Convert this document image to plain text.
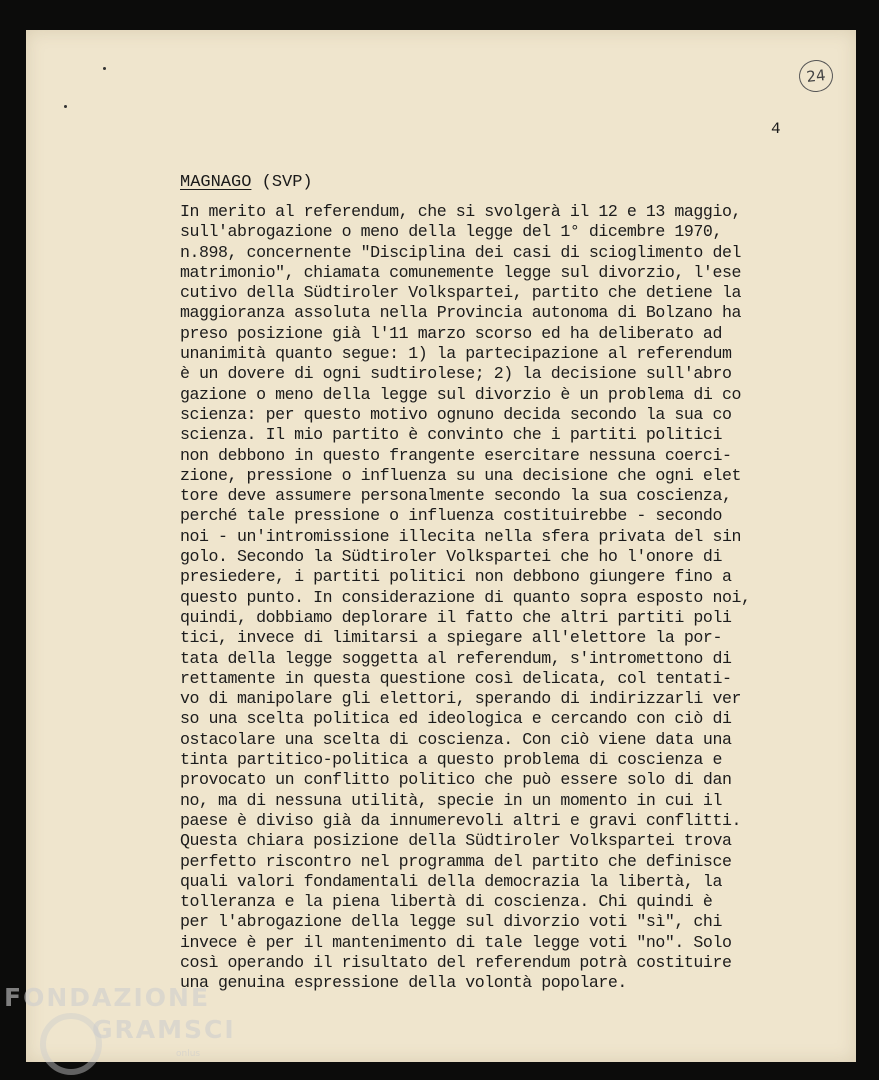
24
4
MAGNAGO (SVP)
In merito al referendum, che si svolgerà il 12 e 13 maggio,
sull'abrogazione o meno della legge del 1° dicembre 1970,
n.898, concernente "Disciplina dei casi di scioglimento del
matrimonio", chiamata comunemente legge sul divorzio, l'ese
cutivo della Südtiroler Volkspartei, partito che detiene la
maggioranza assoluta nella Provincia autonoma di Bolzano ha
preso posizione già l'11 marzo scorso ed ha deliberato ad
unanimità quanto segue: 1) la partecipazione al referendum
è un dovere di ogni sudtirolese; 2) la decisione sull'abro
gazione o meno della legge sul divorzio è un problema di co
scienza: per questo motivo ognuno decida secondo la sua co
scienza. Il mio partito è convinto che i partiti politici
non debbono in questo frangente esercitare nessuna coerci-
zione, pressione o influenza su una decisione che ogni elet
tore deve assumere personalmente secondo la sua coscienza,
perché tale pressione o influenza costituirebbe - secondo
noi - un'intromissione illecita nella sfera privata del sin
golo. Secondo la Südtiroler Volkspartei che ho l'onore di
presiedere, i partiti politici non debbono giungere fino a
questo punto. In considerazione di quanto sopra esposto noi,
quindi, dobbiamo deplorare il fatto che altri partiti poli
tici, invece di limitarsi a spiegare all'elettore la por-
tata della legge soggetta al referendum, s'intromettono di
rettamente in questa questione così delicata, col tentati-
vo di manipolare gli elettori, sperando di indirizzarli ver
so una scelta politica ed ideologica e cercando con ciò di
ostacolare una scelta di coscienza. Con ciò viene data una
tinta partitico-politica a questo problema di coscienza e
provocato un conflitto politico che può essere solo di dan
no, ma di nessuna utilità, specie in un momento in cui il
paese è diviso già da innumerevoli altri e gravi conflitti.
Questa chiara posizione della Südtiroler Volkspartei trova
perfetto riscontro nel programma del partito che definisce
quali valori fondamentali della democrazia la libertà, la
tolleranza e la piena libertà di coscienza. Chi quindi è
per l'abrogazione della legge sul divorzio voti "sì", chi
invece è per il mantenimento di tale legge voti "no". Solo
così operando il risultato del referendum potrà costituire
una genuina espressione della volontà popolare.
FONDAZIONE
GRAMSCI
onlus
